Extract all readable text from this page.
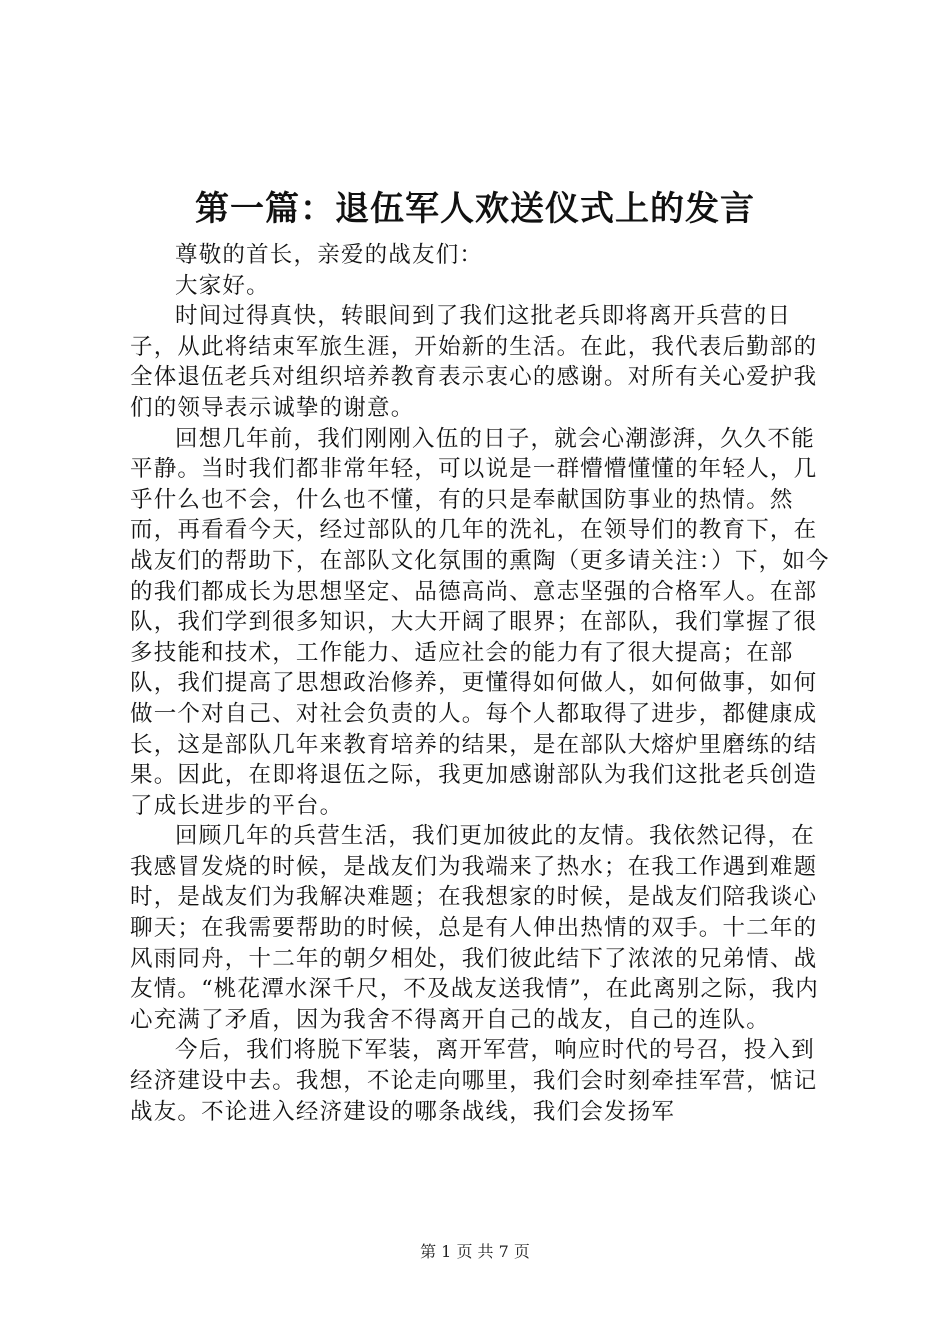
第一篇：退伍军人欢送仪式上的发言

尊敬的首长，亲爱的战友们：

大家好。

时间过得真快，转眼间到了我们这批老兵即将离开兵营的日子，从此将结束军旅生涯，开始新的生活。在此，我代表后勤部的全体退伍老兵对组织培养教育表示衷心的感谢。对所有关心爱护我们的领导表示诚挚的谢意。

回想几年前，我们刚刚入伍的日子，就会心潮澎湃，久久不能平静。当时我们都非常年轻，可以说是一群懵懵懂懂的年轻人，几乎什么也不会，什么也不懂，有的只是奉献国防事业的热情。然而，再看看今天，经过部队的几年的洗礼，在领导们的教育下，在战友们的帮助下，在部队文化氛围的熏陶（更多请关注：）下，如今的我们都成长为思想坚定、品德高尚、意志坚强的合格军人。在部队，我们学到很多知识，大大开阔了眼界；在部队，我们掌握了很多技能和技术，工作能力、适应社会的能力有了很大提高；在部队，我们提高了思想政治修养，更懂得如何做人，如何做事，如何做一个对自己、对社会负责的人。每个人都取得了进步，都健康成长，这是部队几年来教育培养的结果，是在部队大熔炉里磨练的结果。因此，在即将退伍之际，我更加感谢部队为我们这批老兵创造了成长进步的平台。

回顾几年的兵营生活，我们更加彼此的友情。我依然记得，在我感冒发烧的时候，是战友们为我端来了热水；在我工作遇到难题时，是战友们为我解决难题；在我想家的时候，是战友们陪我谈心聊天；在我需要帮助的时候，总是有人伸出热情的双手。十二年的风雨同舟，十二年的朝夕相处，我们彼此结下了浓浓的兄弟情、战友情。“桃花潭水深千尺，不及战友送我情”，在此离别之际，我内心充满了矛盾，因为我舍不得离开自己的战友，自己的连队。

今后，我们将脱下军装，离开军营，响应时代的号召，投入到经济建设中去。我想，不论走向哪里，我们会时刻牵挂军营，惦记战友。不论进入经济建设的哪条战线，我们会发扬军

第 1 页 共 7 页
